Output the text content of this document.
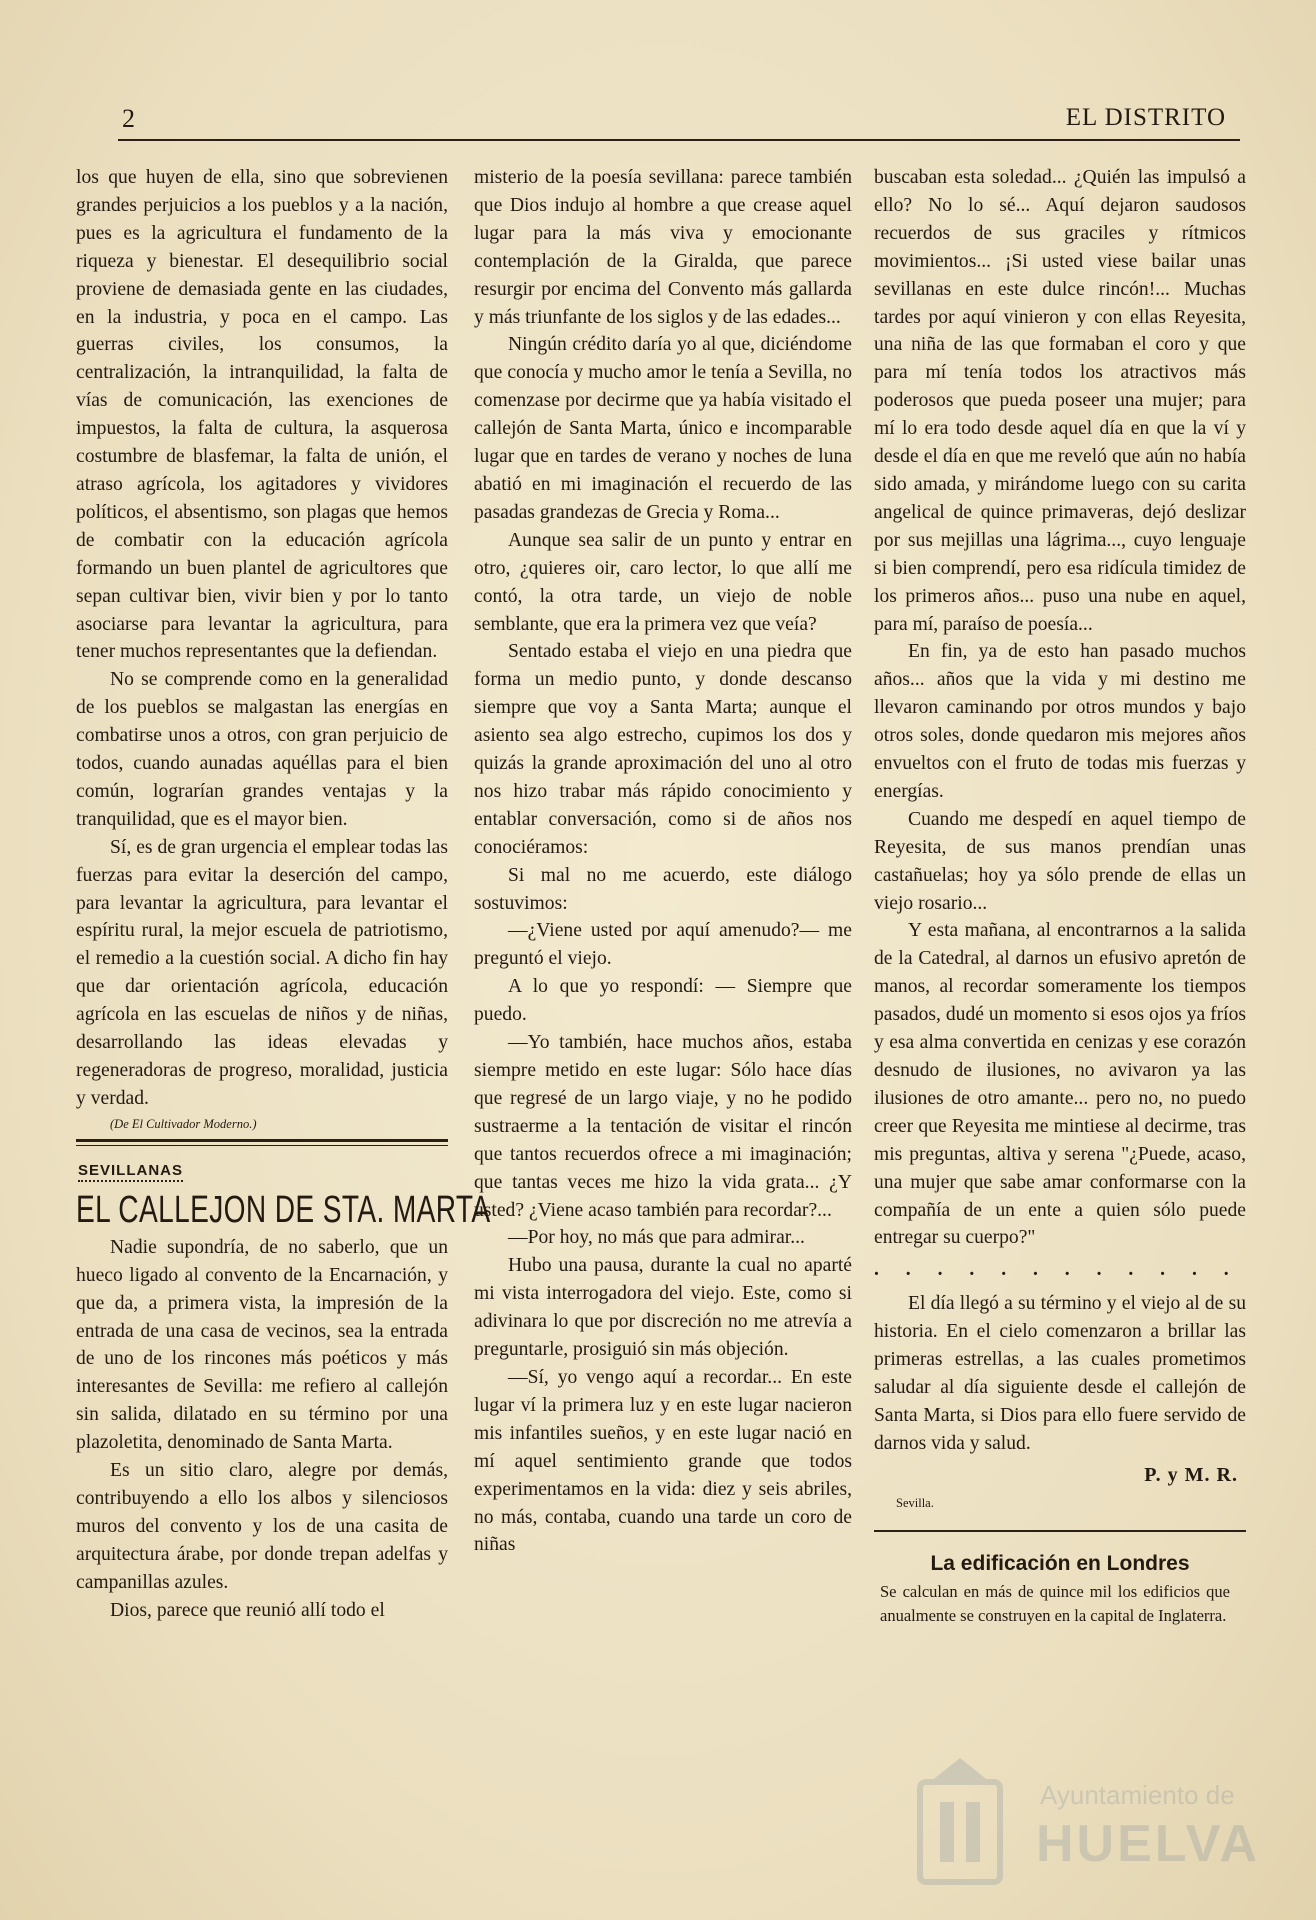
2	EL DISTRITO

los que huyen de ella, sino que sobrevienen grandes perjuicios a los pueblos y a la nación, pues es la agricultura el fundamento de la riqueza y bienestar. El desequilibrio social proviene de demasiada gente en las ciudades, en la industria, y poca en el campo. Las guerras civiles, los consumos, la centralización, la intranquilidad, la falta de vías de comunicación, las exenciones de impuestos, la falta de cultura, la asquerosa costumbre de blasfemar, la falta de unión, el atraso agrícola, los agitadores y vividores políticos, el absentismo, son plagas que hemos de combatir con la educación agrícola formando un buen plantel de agricultores que sepan cultivar bien, vivir bien y por lo tanto asociarse para levantar la agricultura, para tener muchos representantes que la defiendan.

No se comprende como en la generalidad de los pueblos se malgastan las energías en combatirse unos a otros, con gran perjuicio de todos, cuando aunadas aquéllas para el bien común, lograrían grandes ventajas y la tranquilidad, que es el mayor bien.

Sí, es de gran urgencia el emplear todas las fuerzas para evitar la deserción del campo, para levantar la agricultura, para levantar el espíritu rural, la mejor escuela de patriotismo, el remedio a la cuestión social. A dicho fin hay que dar orientación agrícola, educación agrícola en las escuelas de niños y de niñas, desarrollando las ideas elevadas y regeneradoras de progreso, moralidad, justicia y verdad.

(De El Cultivador Moderno.)

SEVILLANAS
EL CALLEJON DE STA. MARTA

Nadie supondría, de no saberlo, que un hueco ligado al convento de la Encarnación, y que da, a primera vista, la impresión de la entrada de una casa de vecinos, sea la entrada de uno de los rincones más poéticos y más interesantes de Sevilla: me refiero al callejón sin salida, dilatado en su término por una plazoletita, denominado de Santa Marta.

Es un sitio claro, alegre por demás, contribuyendo a ello los albos y silenciosos muros del convento y los de una casita de arquitectura árabe, por donde trepan adelfas y campanillas azules.

Dios, parece que reunió allí todo el

misterio de la poesía sevillana: parece también que Dios indujo al hombre a que crease aquel lugar para la más viva y emocionante contemplación de la Giralda, que parece resurgir por encima del Convento más gallarda y más triunfante de los siglos y de las edades...

Ningún crédito daría yo al que, diciéndome que conocía y mucho amor le tenía a Sevilla, no comenzase por decirme que ya había visitado el callejón de Santa Marta, único e incomparable lugar que en tardes de verano y noches de luna abatió en mi imaginación el recuerdo de las pasadas grandezas de Grecia y Roma...

Aunque sea salir de un punto y entrar en otro, ¿quieres oir, caro lector, lo que allí me contó, la otra tarde, un viejo de noble semblante, que era la primera vez que veía?

Sentado estaba el viejo en una piedra que forma un medio punto, y donde descanso siempre que voy a Santa Marta; aunque el asiento sea algo estrecho, cupimos los dos y quizás la grande aproximación del uno al otro nos hizo trabar más rápido conocimiento y entablar conversación, como si de años nos conociéramos:

Si mal no me acuerdo, este diálogo sostuvimos:

—¿Viene usted por aquí amenudo?— me preguntó el viejo.

A lo que yo respondí: — Siempre que puedo.

—Yo también, hace muchos años, estaba siempre metido en este lugar: Sólo hace días que regresé de un largo viaje, y no he podido sustraerme a la tentación de visitar el rincón que tantos recuerdos ofrece a mi imaginación; que tantas veces me hizo la vida grata... ¿Y usted? ¿Viene acaso también para recordar?...

—Por hoy, no más que para admirar...

Hubo una pausa, durante la cual no aparté mi vista interrogadora del viejo. Este, como si adivinara lo que por discreción no me atrevía a preguntarle, prosiguió sin más objeción.

—Sí, yo vengo aquí a recordar... En este lugar ví la primera luz y en este lugar nacieron mis infantiles sueños, y en este lugar nació en mí aquel sentimiento grande que todos experimentamos en la vida: diez y seis abriles, no más, contaba, cuando una tarde un coro de niñas

buscaban esta soledad... ¿Quién las impulsó a ello? No lo sé... Aquí dejaron saudosos recuerdos de sus graciles y rítmicos movimientos... ¡Si usted viese bailar unas sevillanas en este dulce rincón!... Muchas tardes por aquí vinieron y con ellas Reyesita, una niña de las que formaban el coro y que para mí tenía todos los atractivos más poderosos que pueda poseer una mujer; para mí lo era todo desde aquel día en que la ví y desde el día en que me reveló que aún no había sido amada, y mirándome luego con su carita angelical de quince primaveras, dejó deslizar por sus mejillas una lágrima..., cuyo lenguaje si bien comprendí, pero esa ridícula timidez de los primeros años... puso una nube en aquel, para mí, paraíso de poesía...

En fin, ya de esto han pasado muchos años... años que la vida y mi destino me llevaron caminando por otros mundos y bajo otros soles, donde quedaron mis mejores años envueltos con el fruto de todas mis fuerzas y energías.

Cuando me despedí en aquel tiempo de Reyesita, de sus manos prendían unas castañuelas; hoy ya sólo prende de ellas un viejo rosario...

Y esta mañana, al encontrarnos a la salida de la Catedral, al darnos un efusivo apretón de manos, al recordar someramente los tiempos pasados, dudé un momento si esos ojos ya fríos y esa alma convertida en cenizas y ese corazón desnudo de ilusiones, no avivaron ya las ilusiones de otro amante... pero no, no puedo creer que Reyesita me mintiese al decirme, tras mis preguntas, altiva y serena "¿Puede, acaso, una mujer que sabe amar conformarse con la compañía de un ente a quien sólo puede entregar su cuerpo?"

. . . . . . . . . . . .

El día llegó a su término y el viejo al de su historia. En el cielo comenzaron a brillar las primeras estrellas, a las cuales prometimos saludar al día siguiente desde el callejón de Santa Marta, si Dios para ello fuere servido de darnos vida y salud.

P. y M. R.
Sevilla.
La edificación en Londres

Se calculan en más de quince mil los edificios que anualmente se construyen en la capital de Inglaterra.

Ayuntamiento de
HUELVA
